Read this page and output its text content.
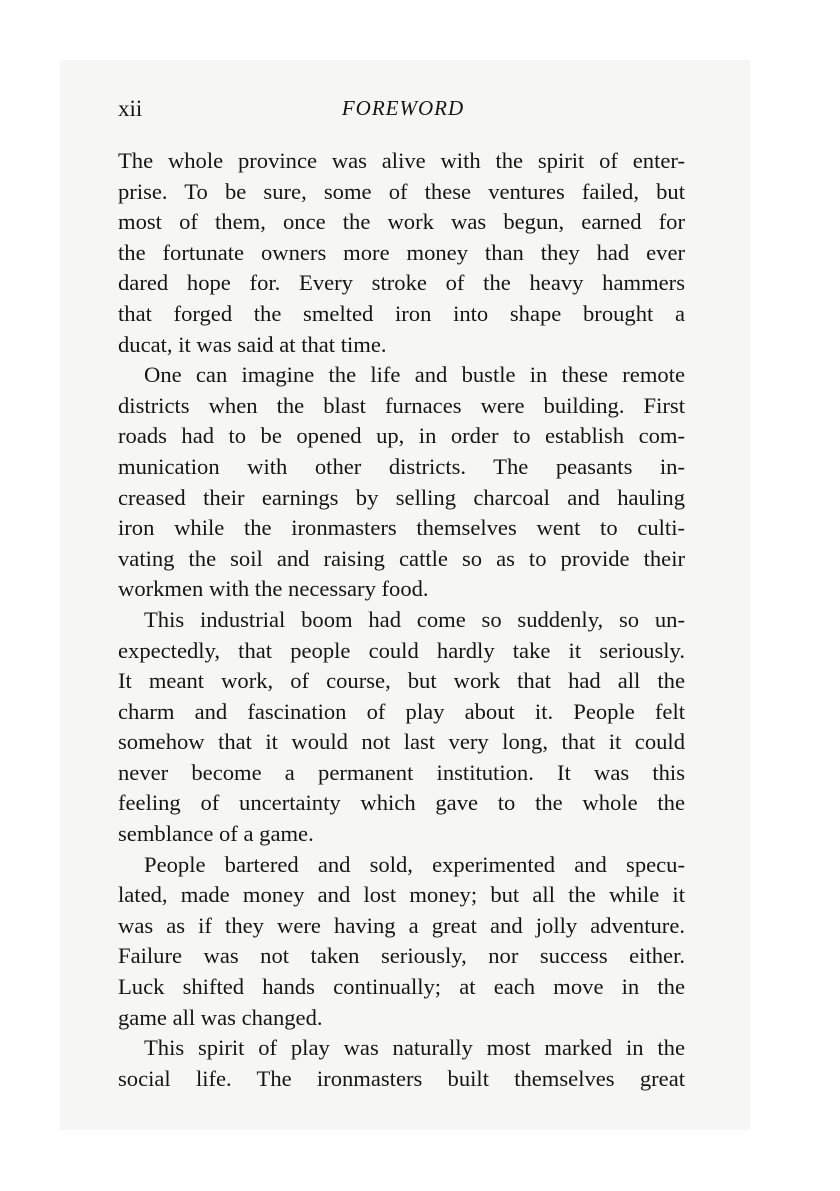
xii	FOREWORD
The whole province was alive with the spirit of enter-
prise. To be sure, some of these ventures failed, but
most of them, once the work was begun, earned for
the fortunate owners more money than they had ever
dared hope for. Every stroke of the heavy hammers
that forged the smelted iron into shape brought a
ducat, it was said at that time.
One can imagine the life and bustle in these remote
districts when the blast furnaces were building. First
roads had to be opened up, in order to establish com-
munication with other districts. The peasants in-
creased their earnings by selling charcoal and hauling
iron while the ironmasters themselves went to culti-
vating the soil and raising cattle so as to provide their
workmen with the necessary food.
This industrial boom had come so suddenly, so un-
expectedly, that people could hardly take it seriously.
It meant work, of course, but work that had all the
charm and fascination of play about it. People felt
somehow that it would not last very long, that it could
never become a permanent institution. It was this
feeling of uncertainty which gave to the whole the
semblance of a game.
People bartered and sold, experimented and specu-
lated, made money and lost money; but all the while it
was as if they were having a great and jolly adventure.
Failure was not taken seriously, nor success either.
Luck shifted hands continually; at each move in the
game all was changed.
This spirit of play was naturally most marked in the
social life. The ironmasters built themselves great
